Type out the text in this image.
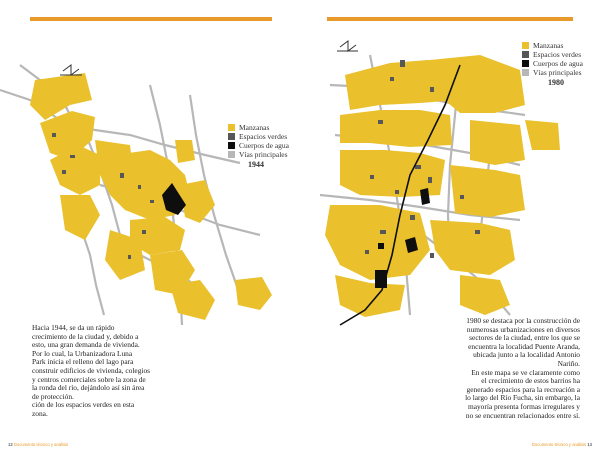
Manzanas
Espacios verdes
Cuerpos de agua
Vías principales
1944

Hacia 1944, se da un rápido

crecimiento de la ciudad y, debido a

esto, una gran demanda de vivienda.

Por lo cual, la Urbanizadora Luna

Park inicia el relleno del lago para

construir edificios de vivienda, colegios

y centros comerciales sobre la zona de

la ronda del río, dejándolo así sin área

de protección.

ción de los espacios verdes en esta

zona.

12 Documento técnico y análisis
Manzanas
Espacios verdes
Cuerpos de agua
Vías principales
1980

1980 se destaca por la construcción de

numerosas urbanizaciones en diversos

sectores de la ciudad, entre los que se

encuentra la localidad Puente Aranda,

ubicada junto a la localidad Antonio

Nariño.

En este mapa se ve claramente como

el crecimiento de estos barrios ha

generado espacios para la recreación a

lo largo del Río Fucha, sin embargo, la

mayoría presenta formas irregulares y

no se encuentran relacionados entre sí.

Documento técnico y análisis 13
